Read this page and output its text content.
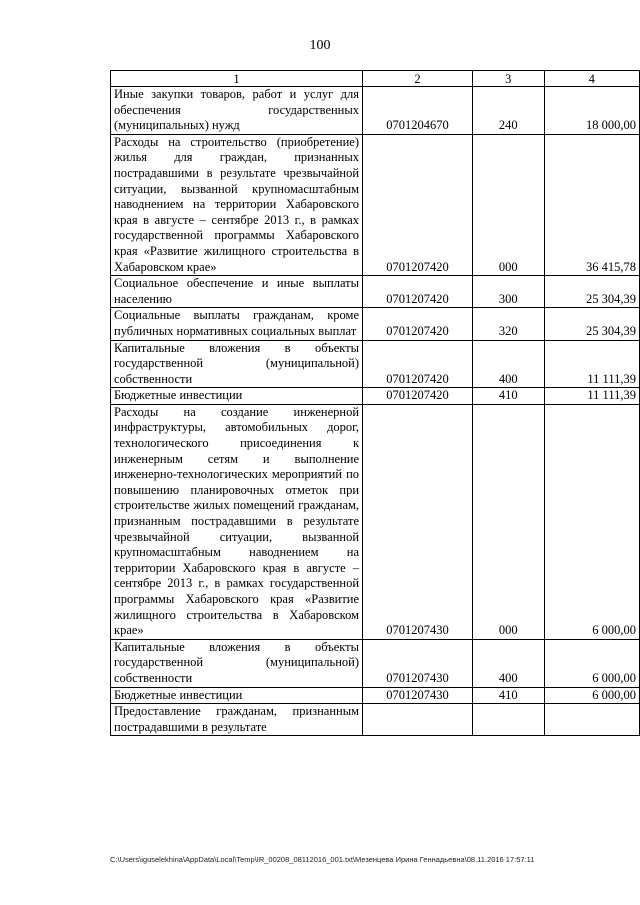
100
1	2	3	4
Иные закупки товаров, работ и услуг для обеспечения государственных (муниципальных) нужд	0701204670	240	18 000,00
Расходы на строительство (приобретение) жилья для граждан, признанных пострадавшими в результате чрезвычайной ситуации, вызванной крупномасштабным наводнением на территории Хабаровского края в августе – сентябре 2013 г., в рамках государственной программы Хабаровского края «Развитие жилищного строительства в Хабаровском крае»	0701207420	000	36 415,78
Социальное обеспечение и иные выплаты населению	0701207420	300	25 304,39
Социальные выплаты гражданам, кроме публичных нормативных социальных выплат	0701207420	320	25 304,39
Капитальные вложения в объекты государственной (муниципальной) собственности	0701207420	400	11 111,39
Бюджетные инвестиции	0701207420	410	11 111,39
Расходы на создание инженерной инфраструктуры, автомобильных дорог, технологического присоединения к инженерным сетям и выполнение инженерно-технологических мероприятий по повышению планировочных отметок при строительстве жилых помещений гражданам, признанным пострадавшими в результате чрезвычайной ситуации, вызванной крупномасштабным наводнением на территории Хабаровского края в августе – сентябре 2013 г., в рамках государственной программы Хабаровского края «Развитие жилищного строительства в Хабаровском крае»	0701207430	000	6 000,00
Капитальные вложения в объекты государственной (муниципальной) собственности	0701207430	400	6 000,00
Бюджетные инвестиции	0701207430	410	6 000,00
Предоставление гражданам, признанным пострадавшими в результате			
C:\Users\iguselekhina\AppData\Local\Temp\IR_00208_08112016_001.txt\Мезенцева Ирина Геннадьевна\08.11.2016 17:57:11
